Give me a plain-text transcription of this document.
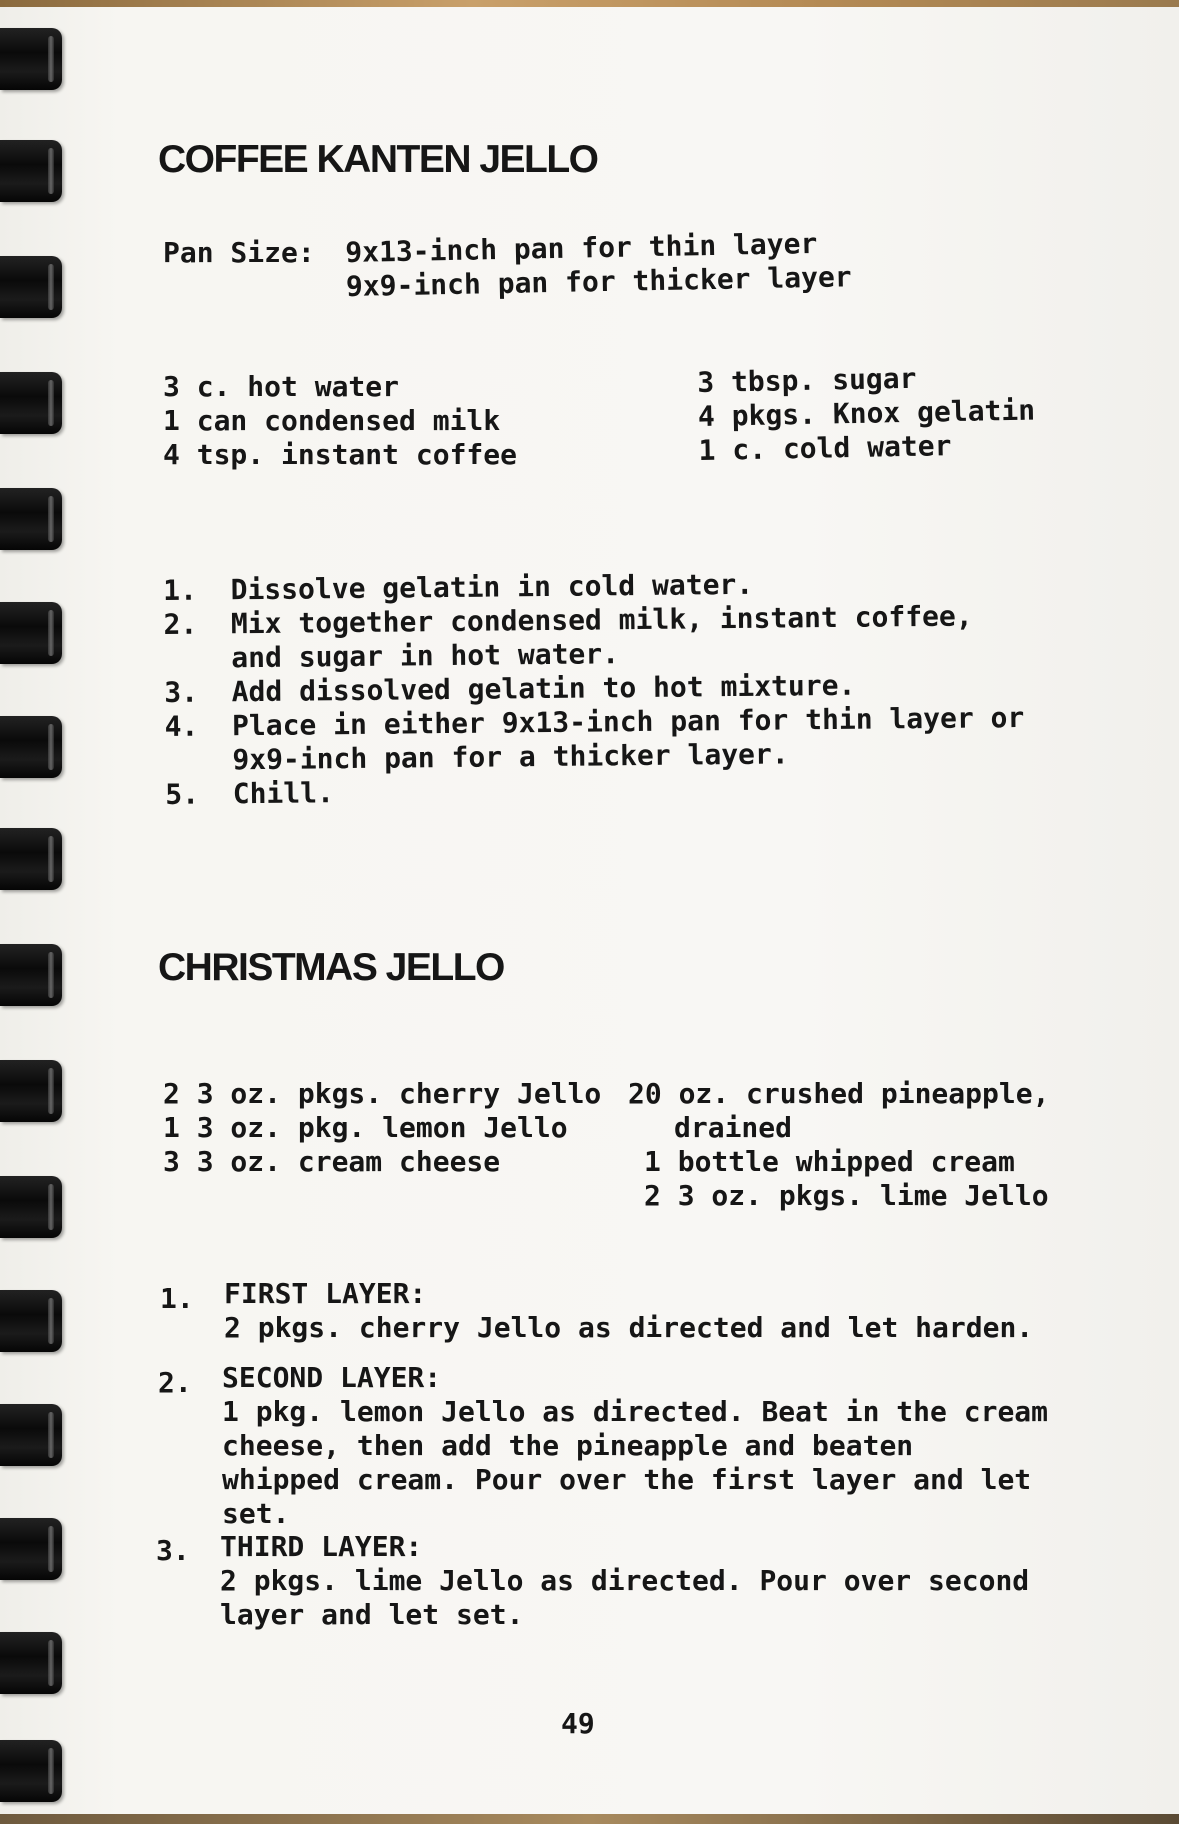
COFFEE KANTEN JELLO
Pan Size: 9x13-inch pan for thin layer
9x9-inch pan for thicker layer
3 c. hot water
1 can condensed milk
4 tsp. instant coffee
3 tbsp. sugar
4 pkgs. Knox gelatin
1 c. cold water
1. Dissolve gelatin in cold water.
2. Mix together condensed milk, instant coffee,
and sugar in hot water.
3. Add dissolved gelatin to hot mixture.
4. Place in either 9x13-inch pan for thin layer or
9x9-inch pan for a thicker layer.
5. Chill.
CHRISTMAS JELLO
2 3 oz. pkgs. cherry Jello
1 3 oz. pkg. lemon Jello
3 3 oz. cream cheese
20 oz. crushed pineapple,
drained
1 bottle whipped cream
2 3 oz. pkgs. lime Jello
1. FIRST LAYER:
2 pkgs. cherry Jello as directed and let harden.
2. SECOND LAYER:
1 pkg. lemon Jello as directed. Beat in the cream
cheese, then add the pineapple and beaten
whipped cream. Pour over the first layer and let
set.
3. THIRD LAYER:
2 pkgs. lime Jello as directed. Pour over second
layer and let set.
49
